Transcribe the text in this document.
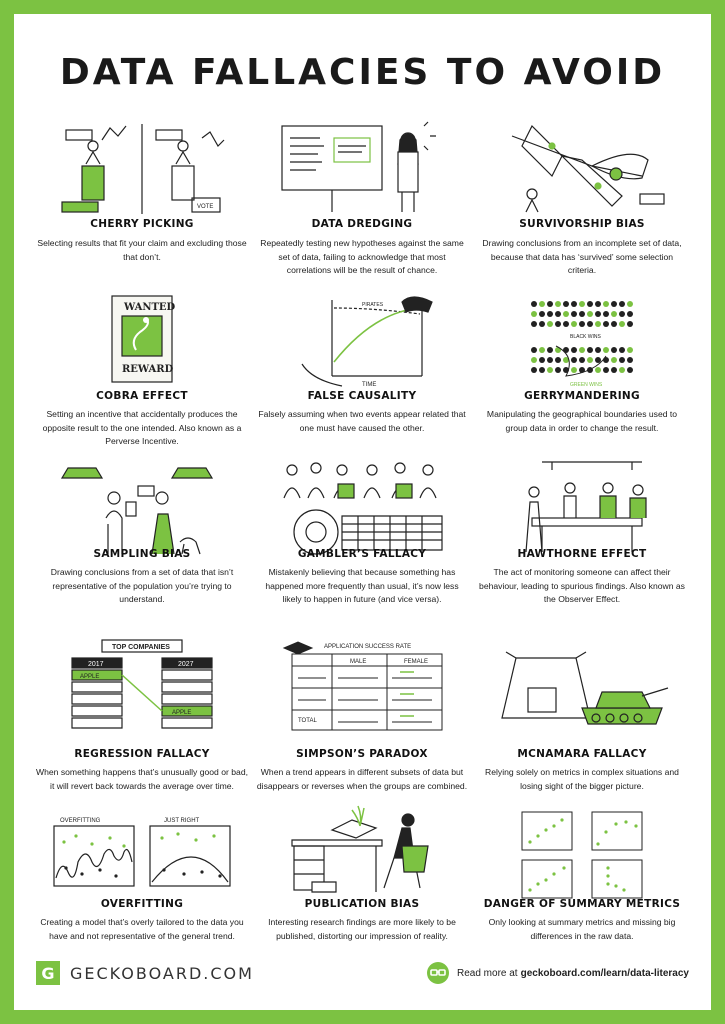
DATA FALLACIES TO AVOID
VOTE
CHERRY PICKING
Selecting results that fit your claim and excluding those that don’t.
DATA DREDGING
Repeatedly testing new hypotheses against the same set of data, failing to acknowledge that most correlations will be the result of chance.
SURVIVORSHIP BIAS
Drawing conclusions from an incomplete set of data, because that data has ‘survived’ some selection criteria.
WANTED
REWARD
COBRA EFFECT
Setting an incentive that accidentally produces the opposite result to the one intended. Also known as a Perverse Incentive.
TIME
PIRATES
FALSE CAUSALITY
Falsely assuming when two events appear related that one must have caused the other.
BLACK WINS
GREEN WINS
GERRYMANDERING
Manipulating the geographical boundaries used to group data in order to change the result.
SAMPLING BIAS
Drawing conclusions from a set of data that isn’t representative of the population you’re trying to understand.
GAMBLER’S FALLACY
Mistakenly believing that because something has happened more frequently than usual, it’s now less likely to happen in future (and vice versa).
HAWTHORNE EFFECT
The act of monitoring someone can affect their behaviour, leading to spurious findings. Also known as the Observer Effect.
TOP COMPANIES
2017	2027
APPLE
APPLE
REGRESSION FALLACY
When something happens that’s unusually good or bad, it will revert back towards the average over time.
APPLICATION SUCCESS RATE
MALE	FEMALE
TOTAL
SIMPSON’S PARADOX
When a trend appears in different subsets of data but disappears or reverses when the groups are combined.
MCNAMARA FALLACY
Relying solely on metrics in complex situations and losing sight of the bigger picture.
OVERFITTING	JUST RIGHT
OVERFITTING
Creating a model that’s overly tailored to the data you have and not representative of the general trend.
PUBLICATION BIAS
Interesting research findings are more likely to be published, distorting our impression of reality.
DANGER OF SUMMARY METRICS
Only looking at summary metrics and missing big differences in the raw data.
G GECKOBOARD.COM	Read more at geckoboard.com/learn/data-literacy
